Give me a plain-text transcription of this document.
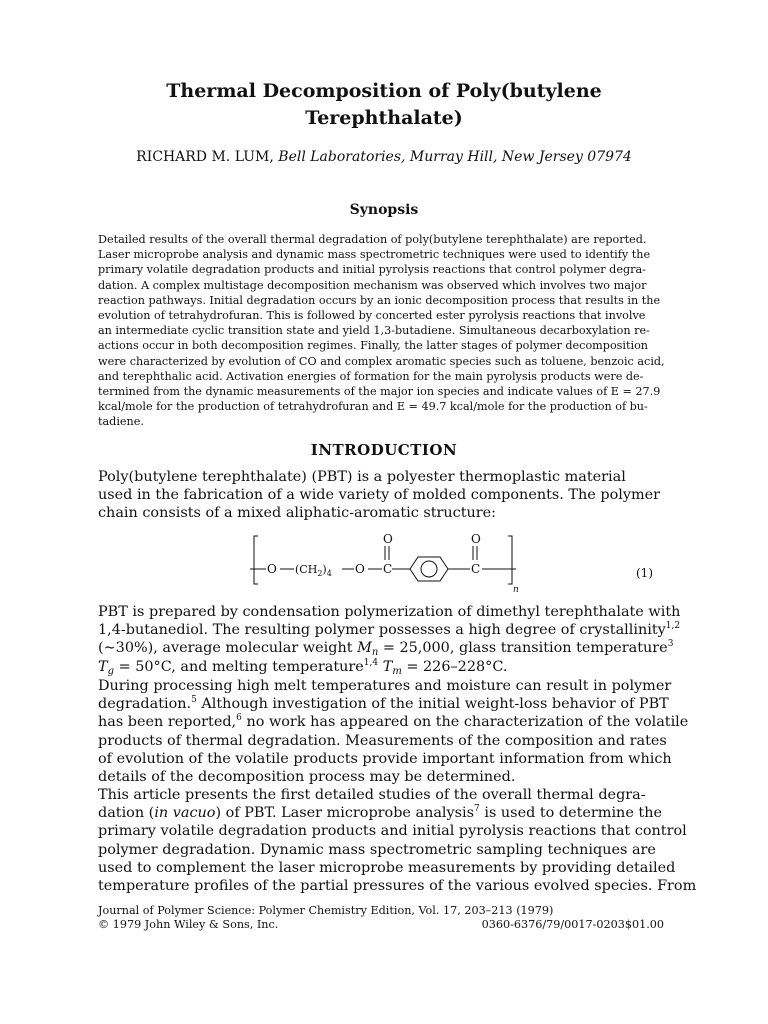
Thermal Decomposition of Poly(butylene
Terephthalate)
RICHARD M. LUM, Bell Laboratories, Murray Hill, New Jersey 07974
Synopsis
Detailed results of the overall thermal degradation of poly(butylene terephthalate) are reported.
Laser microprobe analysis and dynamic mass spectrometric techniques were used to identify the
primary volatile degradation products and initial pyrolysis reactions that control polymer degra-
dation. A complex multistage decomposition mechanism was observed which involves two major
reaction pathways. Initial degradation occurs by an ionic decomposition process that results in the
evolution of tetrahydrofuran. This is followed by concerted ester pyrolysis reactions that involve
an intermediate cyclic transition state and yield 1,3-butadiene. Simultaneous decarboxylation re-
actions occur in both decomposition regimes. Finally, the latter stages of polymer decomposition
were characterized by evolution of CO and complex aromatic species such as toluene, benzoic acid,
and terephthalic acid. Activation energies of formation for the main pyrolysis products were de-
termined from the dynamic measurements of the major ion species and indicate values of E = 27.9
kcal/mole for the production of tetrahydrofuran and E = 49.7 kcal/mole for the production of bu-
tadiene.
INTRODUCTION
Poly(butylene terephthalate) (PBT) is a polyester thermoplastic material
used in the fabrication of a wide variety of molded components. The polymer
chain consists of a mixed aliphatic-aromatic structure:
O	O
O $(CH_2)_4$ O C	C
n
(1)
PBT is prepared by condensation polymerization of dimethyl terephthalate with
1,4-butanediol. The resulting polymer possesses a high degree of crystallinity$^{1,2}$
(∼30%), average molecular weight $M_n = 25,000$, glass transition temperature$^3$
$T_g = 50^\circ C$, and melting temperature$^{1,4}$ $T_m = 226-228^\circ C$.
During processing high melt temperatures and moisture can result in polymer
degradation.$^5$ Although investigation of the initial weight-loss behavior of PBT
has been reported,$^6$ no work has appeared on the characterization of the volatile
products of thermal degradation. Measurements of the composition and rates
of evolution of the volatile products provide important information from which
details of the decomposition process may be determined.
This article presents the first detailed studies of the overall thermal degra-
dation (in vacuo) of PBT. Laser microprobe analysis$^7$ is used to determine the
primary volatile degradation products and initial pyrolysis reactions that control
polymer degradation. Dynamic mass spectrometric sampling techniques are
used to complement the laser microprobe measurements by providing detailed
temperature profiles of the partial pressures of the various evolved species. From
Journal of Polymer Science: Polymer Chemistry Edition, Vol. 17, 203–213 (1979)
© 1979 John Wiley & Sons, Inc.	0360-6376/79/0017-0203$01.00
